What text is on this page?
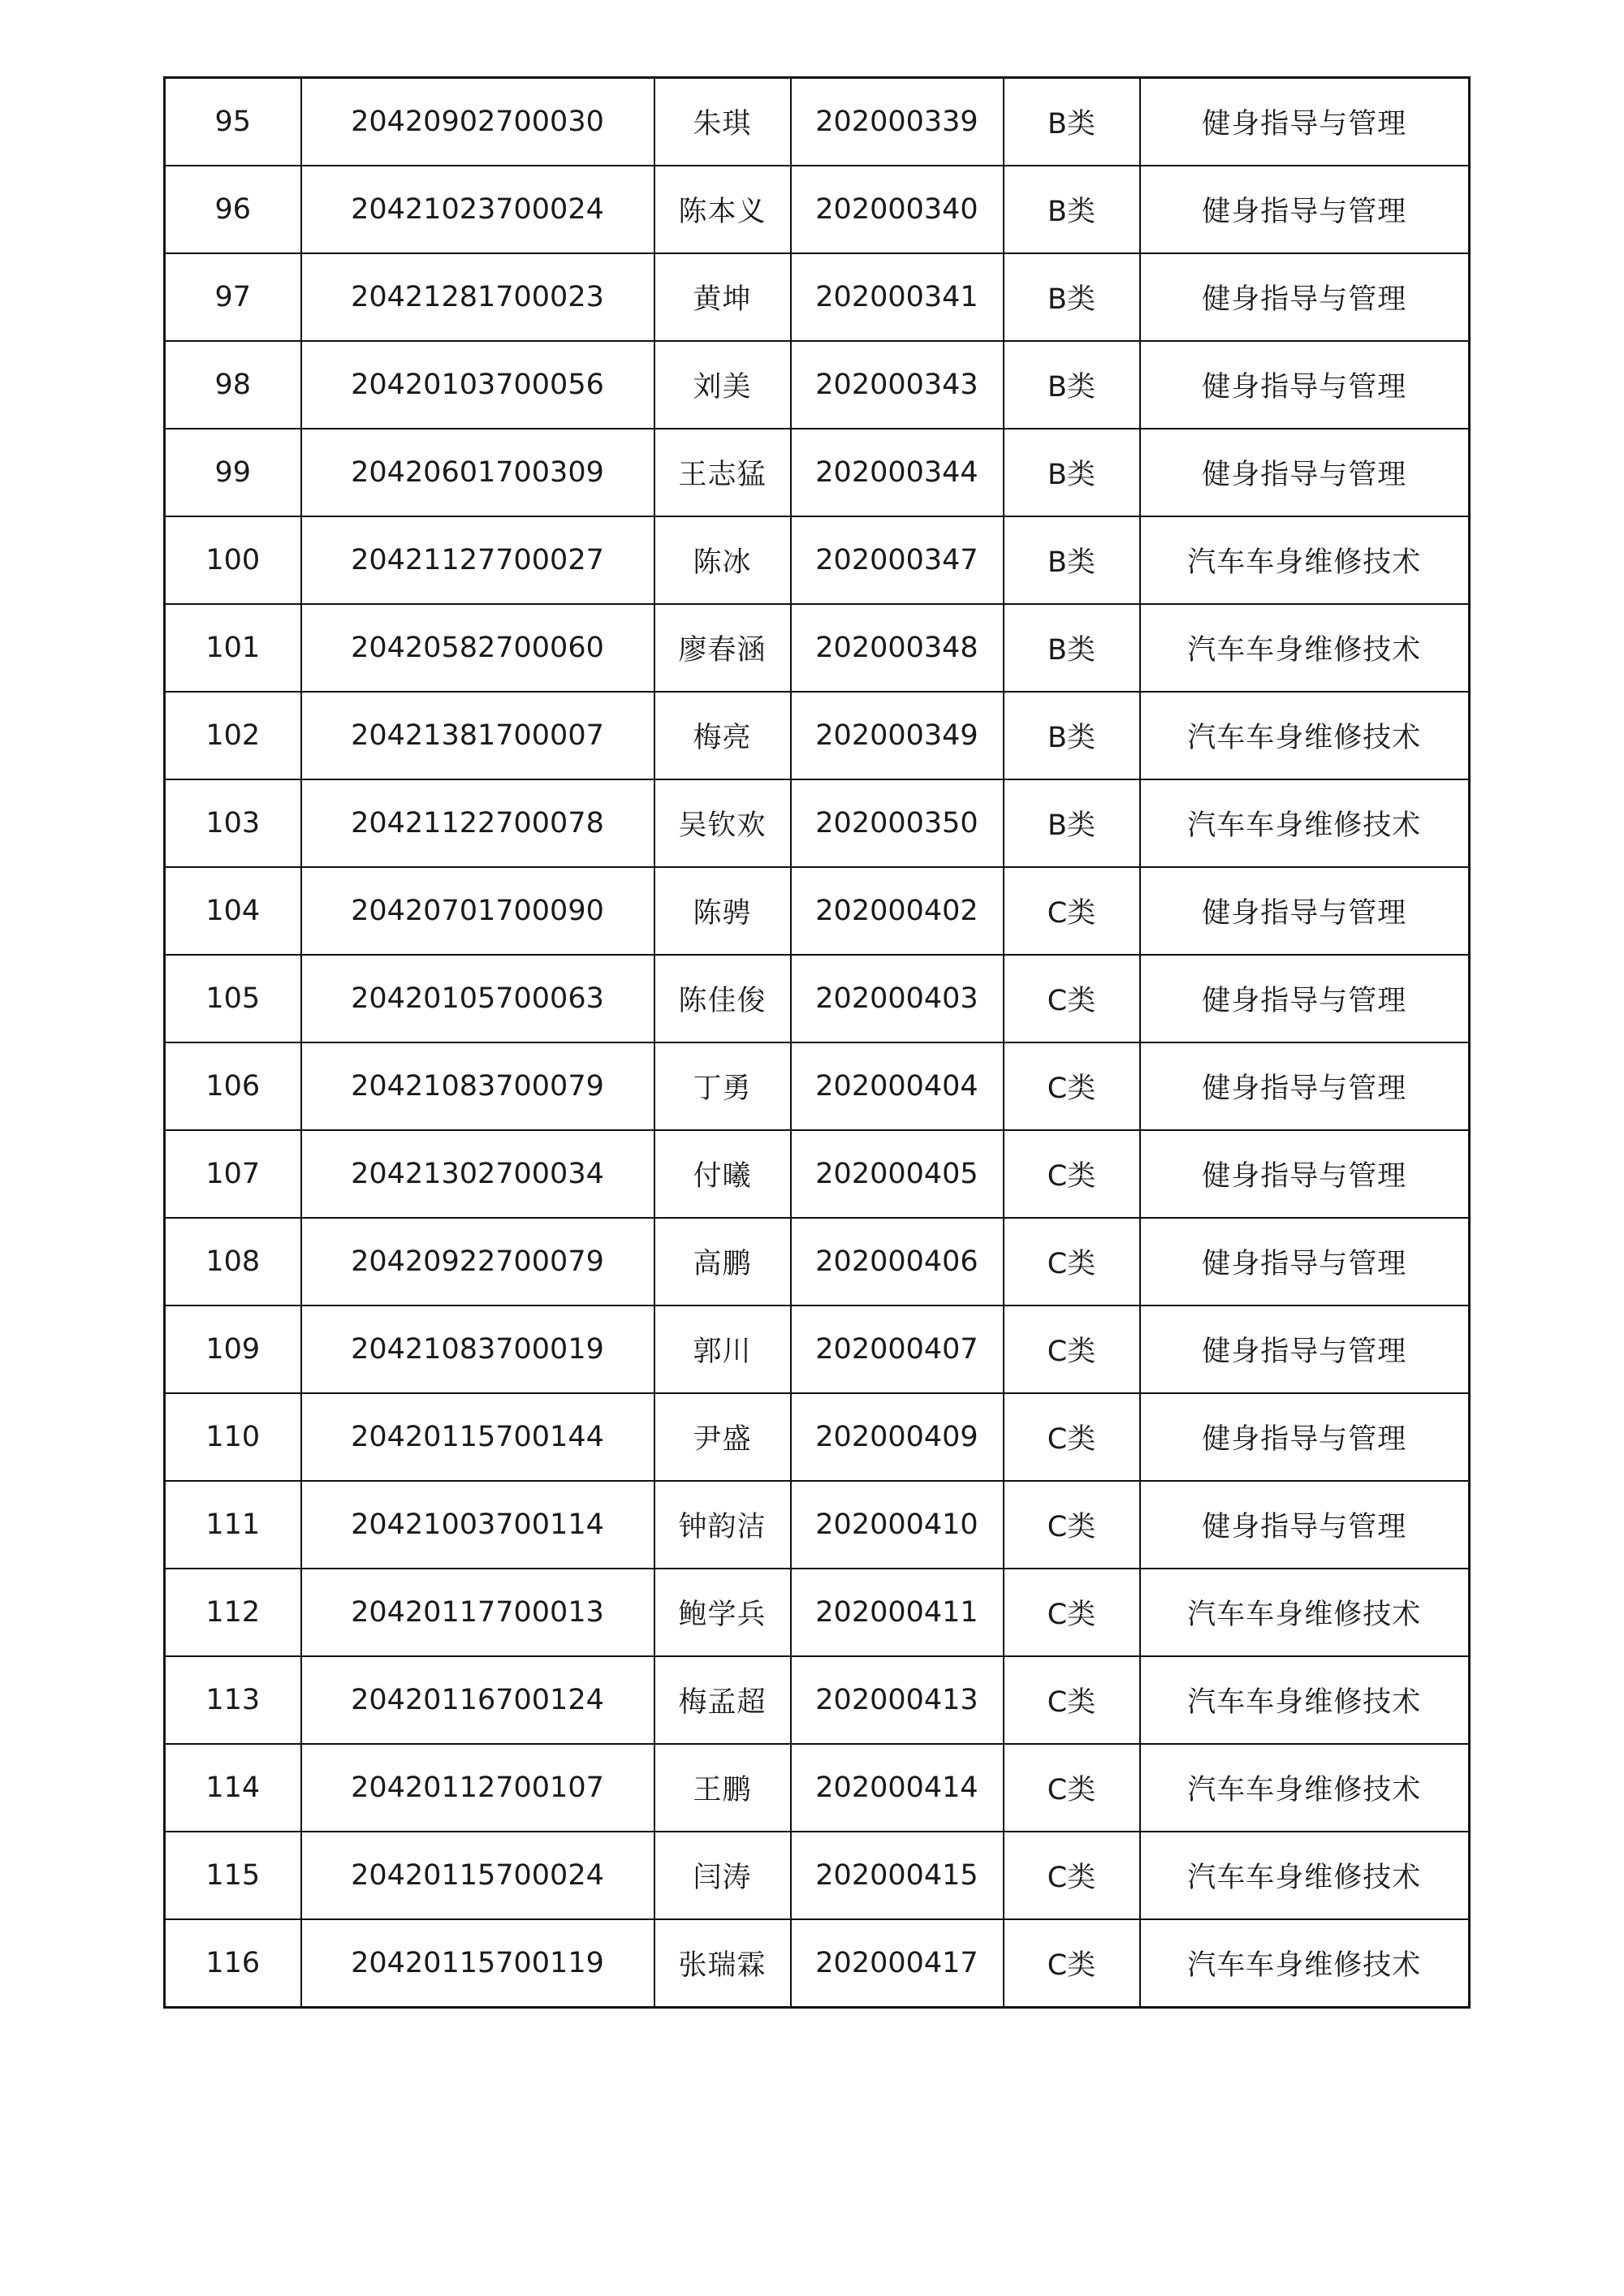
95	20420902700030	朱琪	202000339	B类	健身指导与管理
96	20421023700024	陈本义	202000340	B类	健身指导与管理
97	20421281700023	黄坤	202000341	B类	健身指导与管理
98	20420103700056	刘美	202000343	B类	健身指导与管理
99	20420601700309	王志猛	202000344	B类	健身指导与管理
100	20421127700027	陈冰	202000347	B类	汽车车身维修技术
101	20420582700060	廖春涵	202000348	B类	汽车车身维修技术
102	20421381700007	梅亮	202000349	B类	汽车车身维修技术
103	20421122700078	吴钦欢	202000350	B类	汽车车身维修技术
104	20420701700090	陈骋	202000402	C类	健身指导与管理
105	20420105700063	陈佳俊	202000403	C类	健身指导与管理
106	20421083700079	丁勇	202000404	C类	健身指导与管理
107	20421302700034	付曦	202000405	C类	健身指导与管理
108	20420922700079	高鹏	202000406	C类	健身指导与管理
109	20421083700019	郭川	202000407	C类	健身指导与管理
110	20420115700144	尹盛	202000409	C类	健身指导与管理
111	20421003700114	钟韵洁	202000410	C类	健身指导与管理
112	20420117700013	鲍学兵	202000411	C类	汽车车身维修技术
113	20420116700124	梅孟超	202000413	C类	汽车车身维修技术
114	20420112700107	王鹏	202000414	C类	汽车车身维修技术
115	20420115700024	闫涛	202000415	C类	汽车车身维修技术
116	20420115700119	张瑞霖	202000417	C类	汽车车身维修技术
